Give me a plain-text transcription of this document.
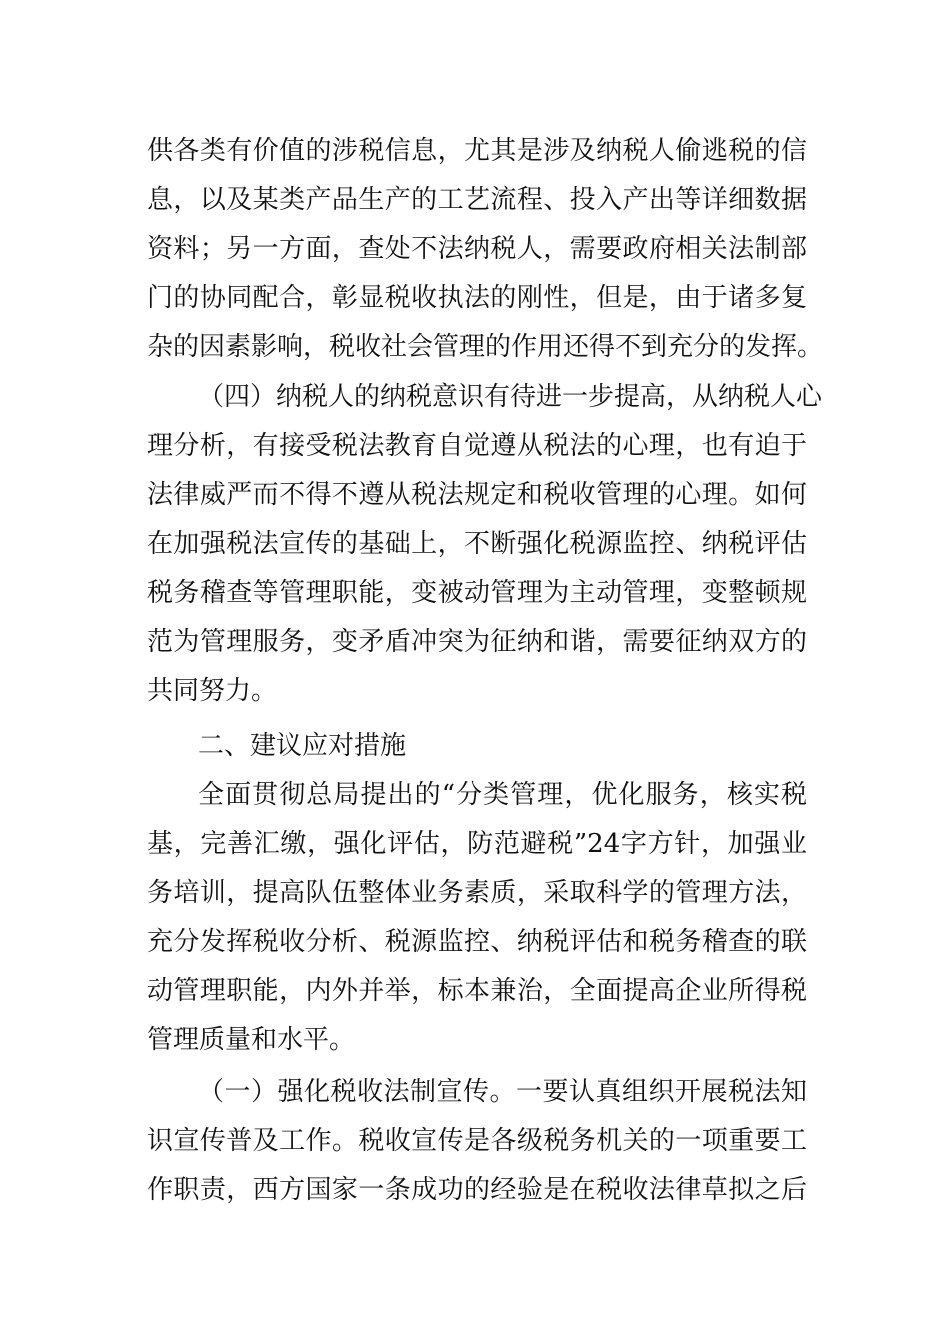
供各类有价值的涉税信息，尤其是涉及纳税人偷逃税的信
息，以及某类产品生产的工艺流程、投入产出等详细数据
资料；另一方面，查处不法纳税人，需要政府相关法制部
门的协同配合，彰显税收执法的刚性，但是，由于诸多复
杂的因素影响，税收社会管理的作用还得不到充分的发挥。
（四）纳税人的纳税意识有待进一步提高，从纳税人心
理分析，有接受税法教育自觉遵从税法的心理，也有迫于
法律威严而不得不遵从税法规定和税收管理的心理。如何
在加强税法宣传的基础上，不断强化税源监控、纳税评估
税务稽查等管理职能，变被动管理为主动管理，变整顿规
范为管理服务，变矛盾冲突为征纳和谐，需要征纳双方的
共同努力。
二、建议应对措施
全面贯彻总局提出的“分类管理，优化服务，核实税
基，完善汇缴，强化评估，防范避税”24字方针，加强业
务培训，提高队伍整体业务素质，采取科学的管理方法，
充分发挥税收分析、税源监控、纳税评估和税务稽查的联
动管理职能，内外并举，标本兼治，全面提高企业所得税
管理质量和水平。
（一）强化税收法制宣传。一要认真组织开展税法知
识宣传普及工作。税收宣传是各级税务机关的一项重要工
作职责，西方国家一条成功的经验是在税收法律草拟之后
